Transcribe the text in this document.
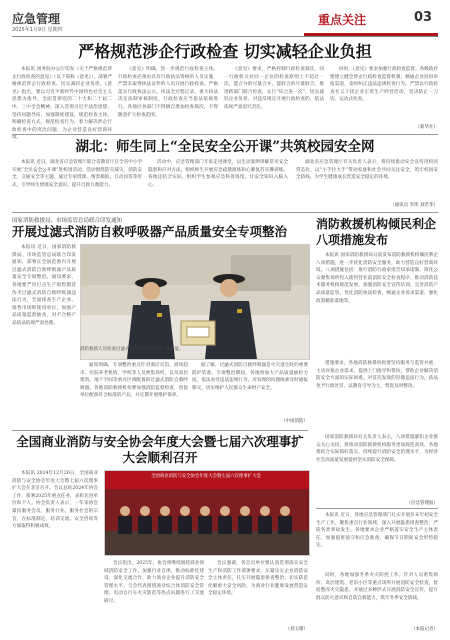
应急管理
2025年1月9日 星期四
重点关注	03
严格规范涉企行政检查 切实减轻企业负担

本报讯 国务院办公厅印发《关于严格规范涉企行政检查的意见》（以下简称《意见》），部署严格规范涉企行政检查、切实减轻企业负担。《意见》指出，要以习近平新时代中国特色社会主义思想为指导，全面贯彻党的二十大和二十届二中、三中全会精神，深入贯彻习近平法治思想，坚持问题导向，加强制度建设，规范检查主体，明确检查方式，规范检查行为，着力解决涉企行政检查中的突出问题，为企业营造良好营商环境。

《意见》明确，进一步规范行政检查主体。行政检查必须由具有行政执法资格的人员实施，严禁未取得执法证件的人员开展行政检查。严格落实行政执法公示、执法全过程记录、重大执法决定法制审核制度，行政检查应当依法依规进行。各地区各部门不得擅自增加检查频次，不得随意扩大检查范围。

《意见》要求，严格控制行政检查频次，同一行政机关对同一企业的检查原则上不超过一次，能合并的尽量合并，能联合的尽量联合。推进跨部门联合检查，实行“综合查一次”，切实减轻企业负担。对违反规定开展行政检查的，依法依规严肃追究责任。

同时，《意见》要求加强行政检查监督。各级政府要建立健全涉企行政检查监督机制，畅通企业投诉举报渠道，及时纠正违法违规检查行为。严禁以行政检查名义干扰企业正常生产经营活动，坚决防止一刀切、运动式检查。

（新华社）
湖北：师生同上“全民安全公开课”共筑校园安全网

本报讯 近日，湖北省应急管理厅联合省教育厅在全省中小学开展“全民安全公开课”进校园活动。活动围绕防灾减灾、消防安全、交通安全等主题，通过专家授课、情景模拟、互动问答等形式，引导师生增强安全意识、提升自救互救能力。

活动中，应急管理部门专家走进课堂，以生动案例讲解常见安全隐患和应对方法，组织师生开展应急疏散演练和心肺复苏实操训练。各地还结合实际，组织学生参观应急科普场馆，让安全知识入脑入心。

湖北省应急管理厅有关负责人表示，将持续推动安全宣传进校园常态化，以“小手拉大手”带动家庭和社会共同关注安全，筑牢校园安全防线，为学生健康成长营造安全稳定的环境。

（通讯员 李伟 刘若华）
国家消防救援局、市场监管总局联合印发通知
开展过滤式消防自救呼吸器产品质量安全专项整治

本报讯 近日，国家消防救援局、市场监管总局联合印发通知，部署在全国范围内开展过滤式消防自救呼吸器产品质量安全专项整治。通知要求，各地要严厉打击生产销售假冒伪劣过滤式消防自救呼吸器违法行为，全面排查生产企业、销售市场和使用单位，加强产品质量监督抽查，对不合格产品依法依规严肃处理。

通知明确，专项整治重点针对酒店宾馆、商场超市、医院养老机构、学校等人员密集场所，以及高层建筑、地下空间等重点区域配备的过滤式消防自救呼吸器。各地消防救援机构要加强消防监督检查，督促单位配备符合标准的产品，并定期开展维护保养。

据了解，过滤式消防自救呼吸器是火灾逃生时的重要防护装备。专项整治期间，各地将加大产品质量抽检力度，依法查处违法违规行为，对发现的问题线索及时通报移交，切实维护人民群众生命财产安全。

（中国消防）
消防救援人员检查过滤式消防自救呼吸器产品质量。
消防救援机构倾民利企八项措施发布

本报讯 国家消防救援局日前发布消防救援机构倾民利企八项措施，进一步优化消防安全服务，助力营造良好营商环境。八项措施包括：推行消防行政审批告知承诺制、简化公众聚集场所投入使用营业前消防安全检查程序、推动消防技术服务机构规范发展、加强消防安全宣传培训、完善消防产品质量监管、优化消防执法检查、畅通企业诉求渠道、强化政策精准落地等。

措施要求，各地消防救援机构要坚持服务与监管并重，主动对接企业需求，提供上门指导和帮扶，帮助企业解决消防安全方面的实际困难。对首次发现的轻微违法行为，依法免予行政处罚，以教育引导为主，督促及时整改。

国家消防救援局有关负责人表示，八项措施紧扣企业群众关心关切，将推动消防救援机构服务更加规范高效。各地将结合实际抓好落实，持续提升消防安全治理水平，为经济社会高质量发展提供坚实消防安全保障。

（应急管理报）
全国商业消防与安全协会年度大会暨七届六次理事扩大会顺利召开

本报讯 2024年12月26日，全国商业消防与安全协会年度大会暨七届六次理事扩大会在北京召开。会议总结2024年协会工作，部署2025年重点任务，表彰先进单位和个人。协会负责人表示，一年来协会紧扣服务会员、服务行业、服务社会的宗旨，在标准制定、培训交流、安全咨询等方面取得积极成效。

全国商业消防与安全协会年度大会暨七届六次理事扩大会

会议指出，2025年，协会将继续围绕商业领域消防安全工作，加强行业自律，推动标准化建设，深化交流合作，助力商业企业提升消防安全管理水平。与会代表围绕商业综合体消防安全管理、电动自行车火灾防范等热点问题进行了交流研讨。

会议强调，各会员单位要认真贯彻落实安全生产和消防工作部署要求，压紧压实企业消防安全主体责任，扎实开展隐患排查整治，切实防范化解重大安全风险，为商业行业健康发展营造安全稳定环境。

（刘玉晴）

本报讯 近日，各地应急管理部门扎实开展岁末年初安全生产工作，聚焦重点行业领域，深入开展隐患排查整治，严防各类事故发生。各地要求企业严格落实安全生产主体责任，加强值班值守和应急准备，确保节日期间安全形势稳定。

同时，各地加强冬季火灾防控工作，针对人员密集场所、高层建筑、老旧小区等重点场所开展消防安全检查，督促整改火灾隐患，并通过多种形式开展消防安全宣传，提升群众防火意识和自防自救能力，筑牢冬季安全防线。

（本报记者）
